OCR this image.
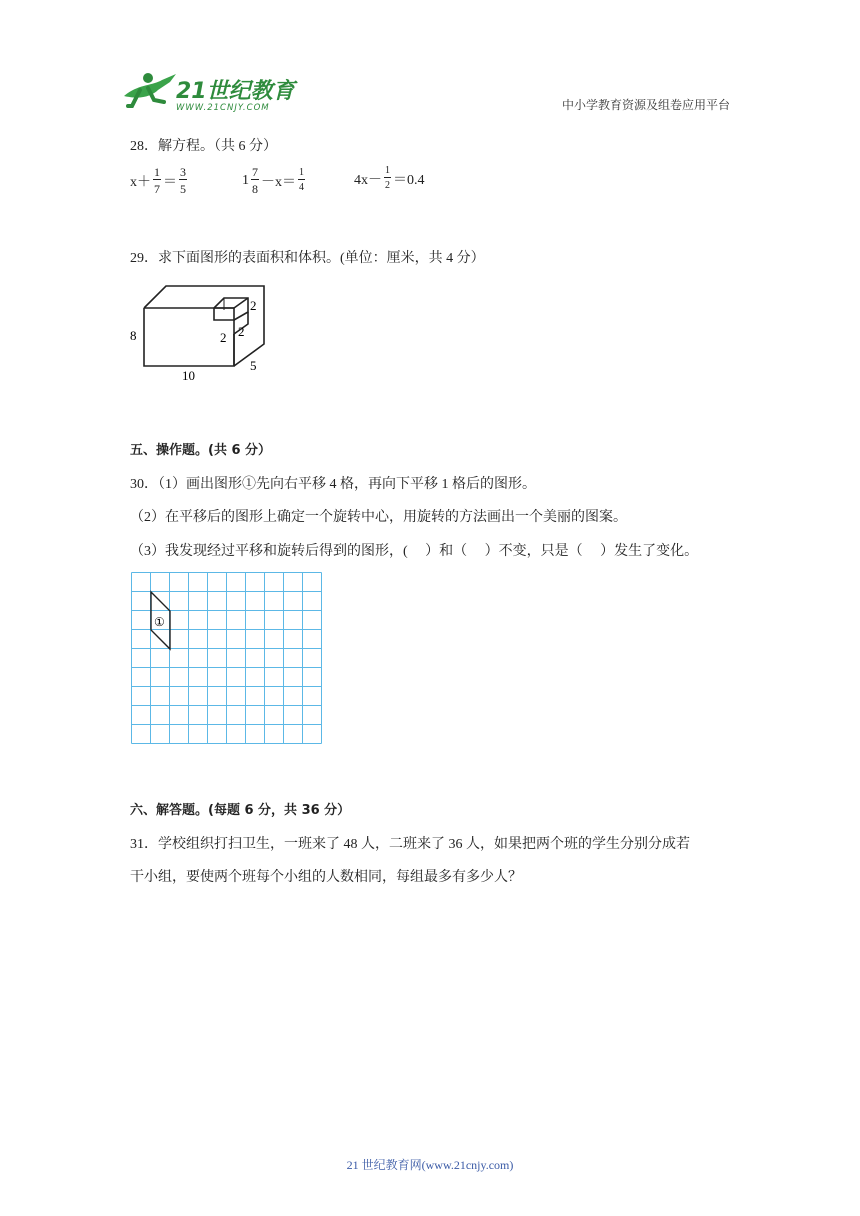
21世纪教育
WWW.21CNJY.COM	中小学教育资源及组卷应用平台
28．解方程。（共 6 分）
$x+ \frac{1}{7} = \frac{3}{5}$	$1 \frac{7}{8} -x= \frac{1}{4}$	$4x- \frac{1}{2} =0.4$
29．求下面图形的表面积和体积。(单位：厘米，共 4 分）
8
10
5
2 2
2
五、操作题。(共 6 分）
30．（1）画出图形①先向右平移 4 格，再向下平移 1 格后的图形。
（2）在平移后的图形上确定一个旋转中心，用旋转的方法画出一个美丽的图案。
（3）我发现经过平移和旋转后得到的图形，(　 ）和（　 ）不变，只是（　 ）发生了变化。
①
六、解答题。(每题 6 分，共 36 分）
31．学校组织打扫卫生，一班来了 48 人，二班来了 36 人，如果把两个班的学生分别分成若
干小组，要使两个班每个小组的人数相同，每组最多有多少人？
21 世纪教育网(www.21cnjy.com)
